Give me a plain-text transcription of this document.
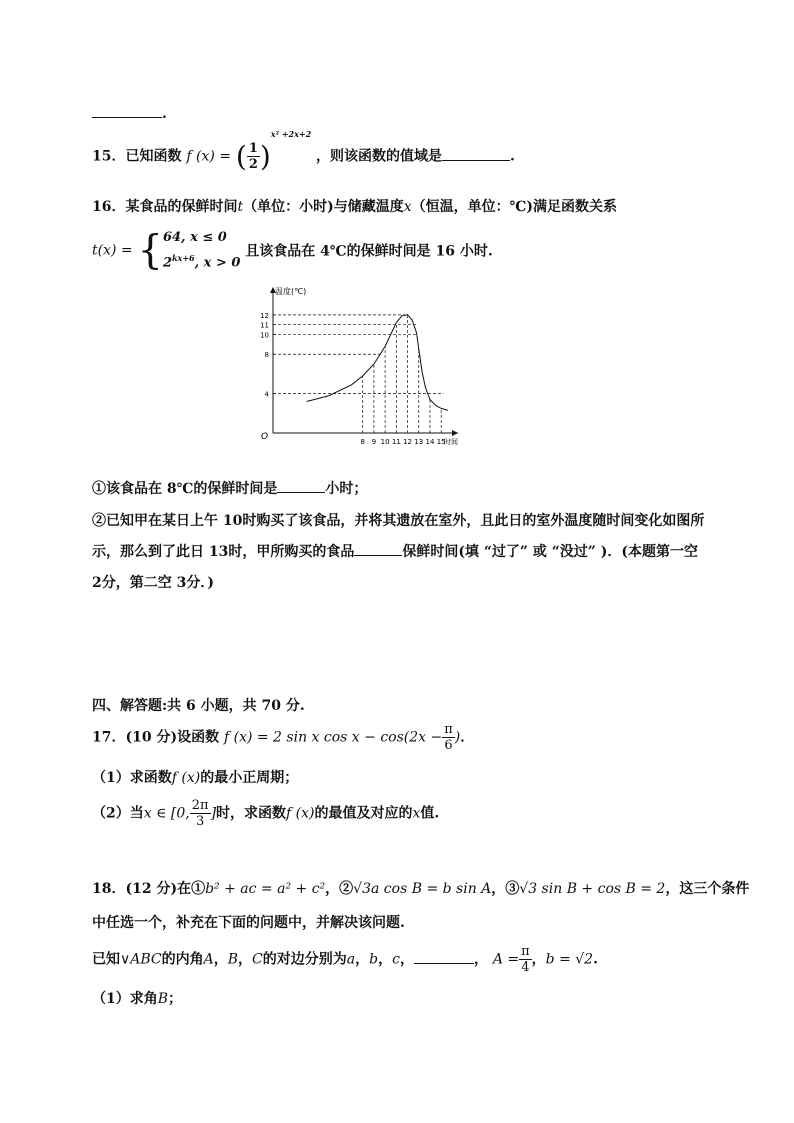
.
15．已知函数 f (x) = ( $\frac{1}{2} )^{x^2 +2x+2}$ ，则该函数的值域是	.
16．某食品的保鲜时间t（单位：小时)与储藏温度x（恒温，单位：℃)满足函数关系
t(x) = { 64, x ≤ 0
$2^{kx+6}$, x > 0
且该食品在 4℃的保鲜时间是 16 小时.
温度(℃)
时间
O
4
8
10
11
12
8 9 10 11 12 13 14 15
①该食品在 8℃的保鲜时间是	小时；
②已知甲在某日上午 10时购买了该食品，并将其遗放在室外，且此日的室外温度随时间变化如图所
示，那么到了此日 13时，甲所购买的食品	保鲜时间(填 “过了” 或 “没过” )．(本题第一空
2分，第二空 3分．)
四、解答题:共 6 小题，共 70 分.
17．(10 分)设函数 f (x) = 2 sin x $\cos x - \cos(2x - \frac{\pi}{6}$ )．
（1）求函数f (x)的最小正周期；
（2）当x ∈ [0, $\frac{2\pi}{3}$ ]时，求函数f (x)的最值及对应的x值.
18．(12 分)在①b² + ac = a² + c²，②√3a cos B = b sin A，③√3 sin B + cos B = 2，这三个条件
中任选一个，补充在下面的问题中，并解决该问题.
已知∨ABC的内角A，B，C的对边分别为a，b，c，	， $A = \frac{\pi}{4}$ ，b = √2.
（1）求角B；
